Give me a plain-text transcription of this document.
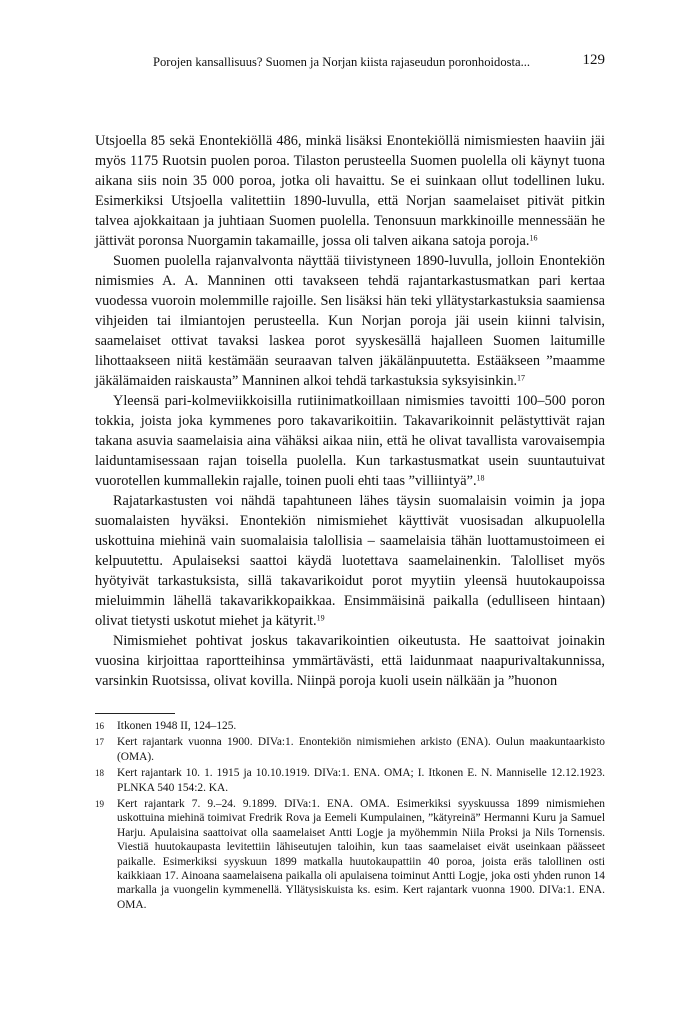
Porojen kansallisuus? Suomen ja Norjan kiista rajaseudun poronhoidosta...	129

Utsjoella 85 sekä Enontekiöllä 486, minkä lisäksi Enontekiöllä nimismiesten haaviin jäi myös 1175 Ruotsin puolen poroa. Tilaston perusteella Suomen puolella oli käynyt tuona aikana siis noin 35 000 poroa, jotka oli havaittu. Se ei suinkaan ollut todellinen luku. Esimerkiksi Utsjoella valitettiin 1890-luvulla, että Norjan saamelaiset pitivät pitkin talvea ajokkaitaan ja juhtiaan Suomen puolella. Tenonsuun markkinoille mennessään he jättivät poronsa Nuorgamin takamaille, jossa oli talven aikana satoja poroja.$^{16}$

Suomen puolella rajanvalvonta näyttää tiivistyneen 1890-luvulla, jolloin Enontekiön nimismies A. A. Manninen otti tavakseen tehdä rajantarkastusmatkan pari kertaa vuodessa vuoroin molemmille rajoille. Sen lisäksi hän teki yllätystarkastuksia saamiensa vihjeiden tai ilmiantojen perusteella. Kun Norjan poroja jäi usein kiinni talvisin, saamelaiset ottivat tavaksi laskea porot syyskesällä hajalleen Suomen laitumille lihottaakseen niitä kestämään seuraavan talven jäkälänpuutetta. Estääkseen ”maamme jäkälämaiden raiskausta” Manninen alkoi tehdä tarkastuksia syksyisinkin.$^{17}$

Yleensä pari-kolmeviikkoisilla rutiinimatkoillaan nimismies tavoitti 100–500 poron tokkia, joista joka kymmenes poro takavarikoitiin. Takavarikoinnit pelästyttivät rajan takana asuvia saamelaisia aina vähäksi aikaa niin, että he olivat tavallista varovaisempia laiduntamisessaan rajan toisella puolella. Kun tarkastusmatkat usein suuntautuivat vuorotellen kummallekin rajalle, toinen puoli ehti taas ”villiintyä”.$^{18}$

Rajatarkastusten voi nähdä tapahtuneen lähes täysin suomalaisin voimin ja jopa suomalaisten hyväksi. Enontekiön nimismiehet käyttivät vuosisadan alkupuolella uskottuina miehinä vain suomalaisia talollisia – saamelaisia tähän luottamustoimeen ei kelpuutettu. Apulaiseksi saattoi käydä luotettava saamelainenkin. Talolliset myös hyötyivät tarkastuksista, sillä takavarikoidut porot myytiin yleensä huutokaupoissa mieluimmin lähellä takavarikkopaikkaa. Ensimmäisinä paikalla (edulliseen hintaan) olivat tietysti uskotut miehet ja kätyrit.$^{19}$

Nimismiehet pohtivat joskus takavarikointien oikeutusta. He saattoivat joinakin vuosina kirjoittaa raportteihinsa ymmärtävästi, että laidunmaat naapurivaltakunnissa, varsinkin Ruotsissa, olivat kovilla. Niinpä poroja kuoli usein nälkään ja ”huonon

16 Itkonen 1948 II, 124–125.
17 Kert rajantark vuonna 1900. DIVa:1. Enontekiön nimismiehen arkisto (ENA). Oulun maakuntaarkisto (OMA).
18 Kert rajantark 10. 1. 1915 ja 10.10.1919. DIVa:1. ENA. OMA; I. Itkonen E. N. Manniselle 12.12.1923. PLNKA 540 154:2. KA.
19 Kert rajantark 7. 9.–24. 9.1899. DIVa:1. ENA. OMA. Esimerkiksi syyskuussa 1899 nimismiehen uskottuina miehinä toimivat Fredrik Rova ja Eemeli Kumpulainen, ”kätyreinä” Hermanni Kuru ja Samuel Harju. Apulaisina saattoivat olla saamelaiset Antti Logje ja myöhemmin Niila Proksi ja Nils Tornensis. Viestiä huutokaupasta levitettiin lähiseutujen taloihin, kun taas saamelaiset eivät useinkaan päässeet paikalle. Esimerkiksi syyskuun 1899 matkalla huutokaupattiin 40 poroa, joista eräs talollinen osti kaikkiaan 17. Ainoana saamelaisena paikalla oli apulaisena toiminut Antti Logje, joka osti yhden runon 14 markalla ja vuongelin kymmenellä. Yllätysiskuista ks. esim. Kert rajantark vuonna 1900. DIVa:1. ENA. OMA.
